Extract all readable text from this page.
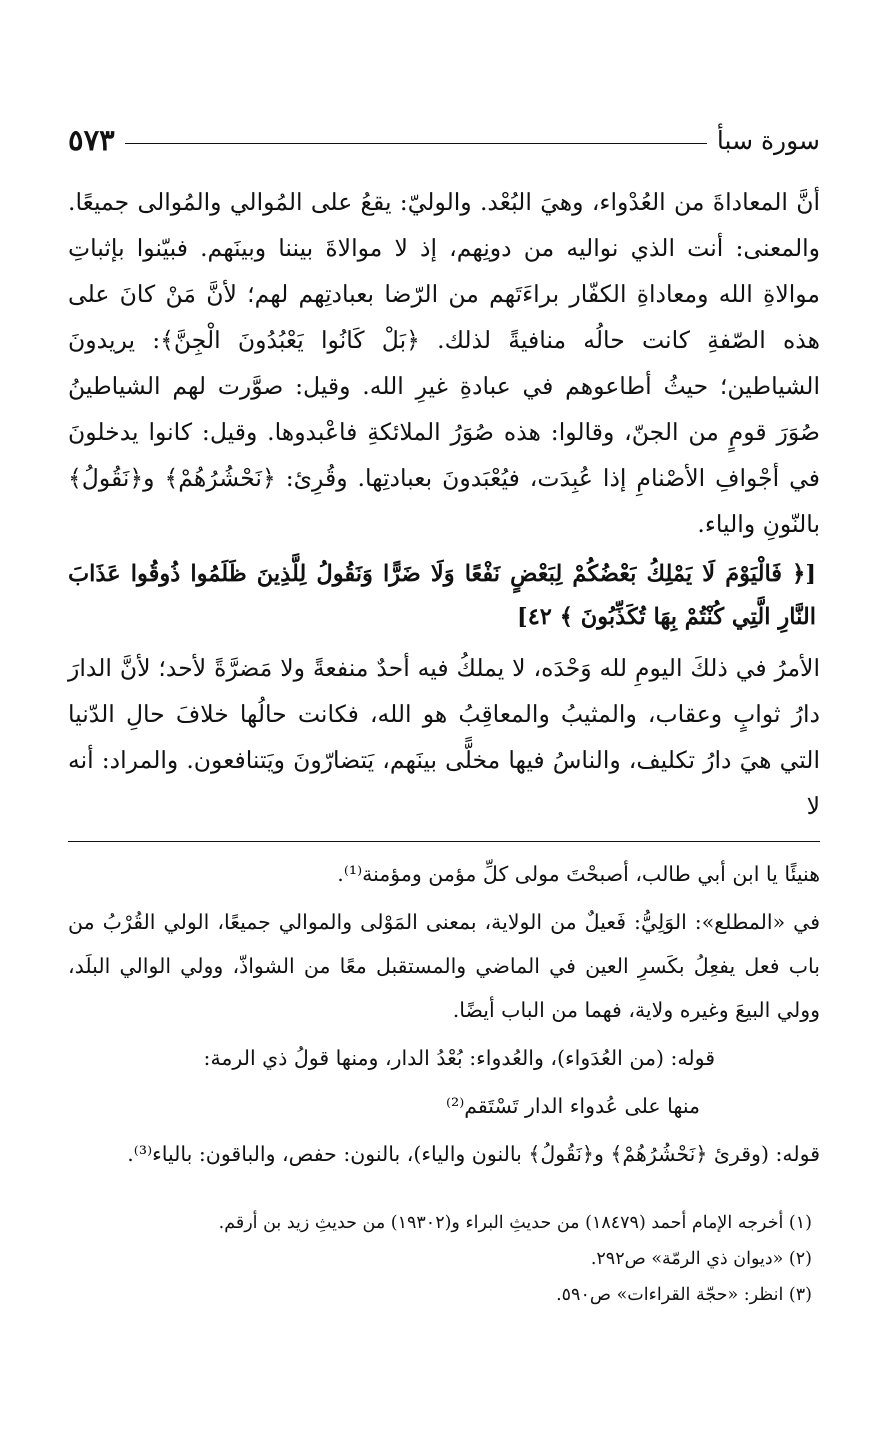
سورة سبأ
٥٧٣

أنَّ المعاداةَ من العُدْواء، وهيَ البُعْد. والوليّ: يقعُ على المُوالي والمُوالى جميعًا. والمعنى: أنت الذي نواليه من دونِهم، إذ لا موالاةَ بيننا وبينَهم. فبيّنوا بإثباتِ موالاةِ الله ومعاداةِ الكفّار براءَتَهم من الرّضا بعبادتِهم لهم؛ لأنَّ مَنْ كانَ على هذه الصّفةِ كانت حالُه منافيةً لذلك. ﴿بَلْ كَانُوا يَعْبُدُونَ الْجِنَّ﴾: يريدونَ الشياطين؛ حيثُ أطاعوهم في عبادةِ غيرِ الله. وقيل: صوَّرت لهم الشياطينُ صُوَرَ قومٍ من الجنّ، وقالوا: هذه صُوَرُ الملائكةِ فاعْبدوها. وقيل: كانوا يدخلونَ في أجْوافِ الأصْنامِ إذا عُبِدَت، فيُعْبَدونَ بعبادتِها. وقُرِئ: ﴿نَحْشُرُهُمْ﴾ و﴿نَقُولُ﴾ بالنّونِ والياء.

[﴿ فَالْيَوْمَ لَا يَمْلِكُ بَعْضُكُمْ لِبَعْضٍ نَفْعًا وَلَا ضَرًّا وَنَقُولُ لِلَّذِينَ ظَلَمُوا ذُوقُوا عَذَابَ النَّارِ الَّتِي كُنْتُمْ بِهَا تُكَذِّبُونَ ﴾ ٤٢]

الأمرُ في ذلكَ اليومِ لله وَحْدَه، لا يملكُ فيه أحدٌ منفعةً ولا مَضرَّةً لأحد؛ لأنَّ الدارَ دارُ ثوابٍ وعقاب، والمثيبُ والمعاقِبُ هو الله، فكانت حالُها خلافَ حالِ الدّنيا التي هيَ دارُ تكليف، والناسُ فيها مخلًّى بينَهم، يَتضارّونَ ويَتنافعون. والمراد: أنه لا

هنيئًا يا ابن أبي طالب، أصبحْتَ مولى كلِّ مؤمن ومؤمنة⁽¹⁾.

في «المطلع»: الوَلِيُّ: فَعيلٌ من الولاية، بمعنى المَوْلى والموالي جميعًا، الولي القُرْبُ من باب فعل يفعِلُ بكَسرِ العين في الماضي والمستقبل معًا من الشواذّ، وولي الوالي البلَد، وولي البيعَ وغيره ولاية، فهما من الباب أيضًا.

قوله: (من العُدَواء)، والعُدواء: بُعْدُ الدار، ومنها قولُ ذي الرمة:

منها على عُدواء الدار تَسْتَقم⁽²⁾

قوله: (وقرئ ﴿نَحْشُرُهُمْ﴾ و﴿نَقُولُ﴾ بالنون والياء)، بالنون: حفص، والباقون: بالياء⁽³⁾.

(١) أخرجه الإمام أحمد (١٨٤٧٩) من حديثِ البراء و(١٩٣٠٢) من حديثِ زيد بن أرقم.

(٢) «ديوان ذي الرمّة» ص٢٩٢.

(٣) انظر: «حجّة القراءات» ص٥٩٠.
